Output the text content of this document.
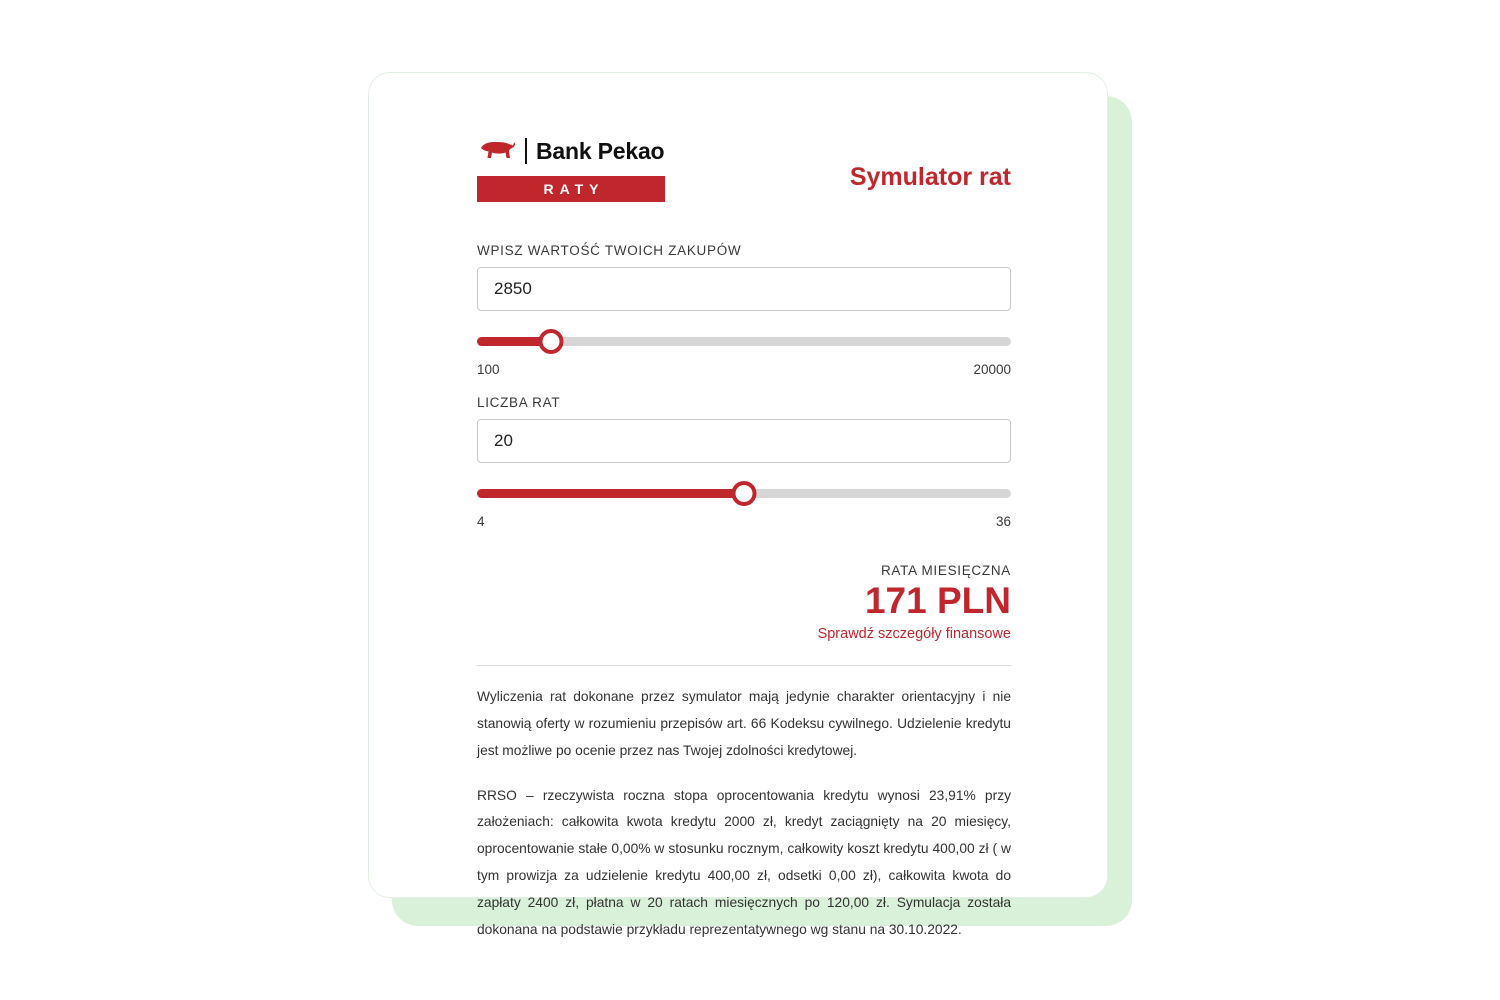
Bank Pekao
RATY	Symulator rat
WPISZ WARTOŚĆ TWOICH ZAKUPÓW
2850
100	20000
LICZBA RAT
20
4	36
RATA MIESIĘCZNA
171 PLN
Sprawdź szczegóły finansowe
Wyliczenia rat dokonane przez symulator mają jedynie charakter orientacyjny i nie stanowią oferty w rozumieniu przepisów art. 66 Kodeksu cywilnego. Udzielenie kredytu jest możliwe po ocenie przez nas Twojej zdolności kredytowej.
RRSO – rzeczywista roczna stopa oprocentowania kredytu wynosi 23,91% przy założeniach: całkowita kwota kredytu 2000 zł, kredyt zaciągnięty na 20 miesięcy, oprocentowanie stałe 0,00% w stosunku rocznym, całkowity koszt kredytu 400,00 zł ( w tym prowizja za udzielenie kredytu 400,00 zł, odsetki 0,00 zł), całkowita kwota do zapłaty 2400 zł, płatna w 20 ratach miesięcznych po 120,00 zł. Symulacja została dokonana na podstawie przykładu reprezentatywnego wg stanu na 30.10.2022.
